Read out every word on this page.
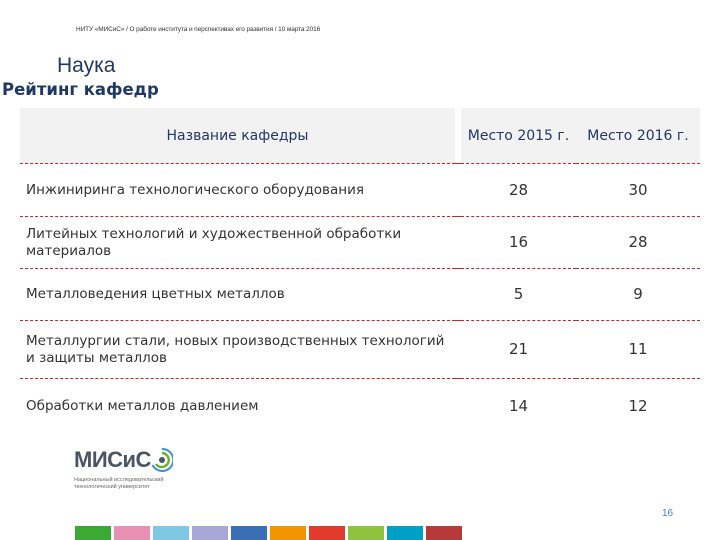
НИТУ «МИСиС» / О работе института и перспективах его развития / 10 марта 2016
Наука
Рейтинг кафедр
Название кафедры		Место 2015 г.	Место 2016 г.
Инжиниринга технологического оборудования		28	30
Литейных технологий и художественной обработки материалов		16	28
Металловедения цветных металлов		5	9
Металлургии стали, новых производственных технологий и защиты металлов		21	11
Обработки металлов давлением		14	12
МИСиС
Национальный исследовательский технологический университет
16
